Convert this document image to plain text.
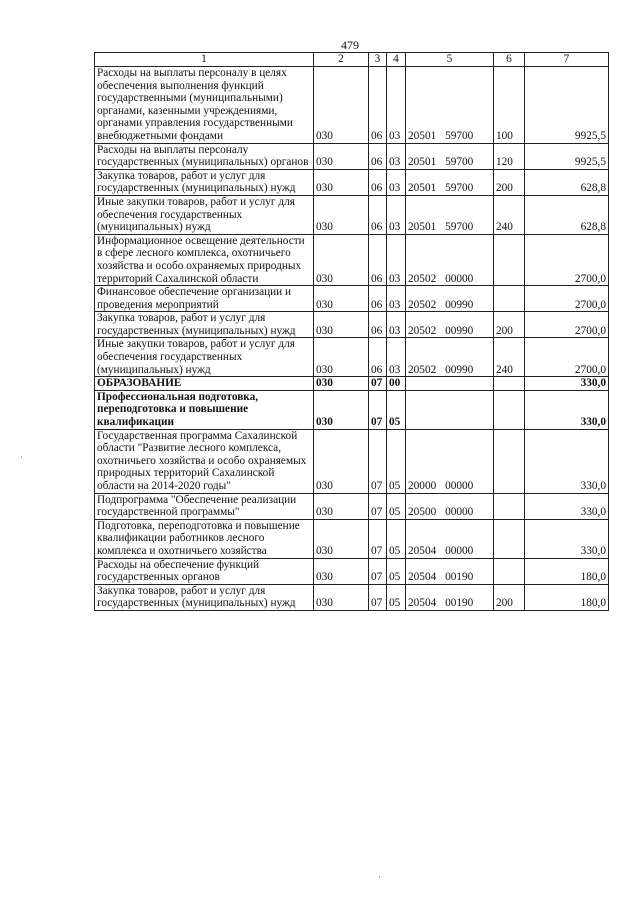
479
1	2	3	4	5	6	7
Расходы на выплаты персоналу в целях обеспечения выполнения функций государственными (муниципальными) органами, казенными учреждениями, органами управления государственными внебюджетными фондами	030	06	03	20501 59700	100	9925,5
Расходы на выплаты персоналу государственных (муниципальных) органов	030	06	03	20501 59700	120	9925,5
Закупка товаров, работ и услуг для государственных (муниципальных) нужд	030	06	03	20501 59700	200	628,8
Иные закупки товаров, работ и услуг для обеспечения государственных (муниципальных) нужд	030	06	03	20501 59700	240	628,8
Информационное освещение деятельности в сфере лесного комплекса, охотничьего хозяйства и особо охраняемых природных территорий Сахалинской области	030	06	03	20502 00000		2700,0
Финансовое обеспечение организации и проведения мероприятий	030	06	03	20502 00990		2700,0
Закупка товаров, работ и услуг для государственных (муниципальных) нужд	030	06	03	20502 00990	200	2700,0
Иные закупки товаров, работ и услуг для обеспечения государственных (муниципальных) нужд	030	06	03	20502 00990	240	2700,0
ОБРАЗОВАНИЕ	030	07	00			330,0
Профессиональная подготовка, переподготовка и повышение квалификации	030	07	05			330,0
Государственная программа Сахалинской области "Развитие лесного комплекса, охотничьего хозяйства и особо охраняемых природных территорий Сахалинской области на 2014-2020 годы"	030	07	05	20000 00000		330,0
Подпрограмма "Обеспечение реализации государственной программы"	030	07	05	20500 00000		330,0
Подготовка, переподготовка и повышение квалификации работников лесного комплекса и охотничьего хозяйства	030	07	05	20504 00000		330,0
Расходы на обеспечение функций государственных органов	030	07	05	20504 00190		180,0
Закупка товаров, работ и услуг для государственных (муниципальных) нужд	030	07	05	20504 00190	200	180,0
·
·
